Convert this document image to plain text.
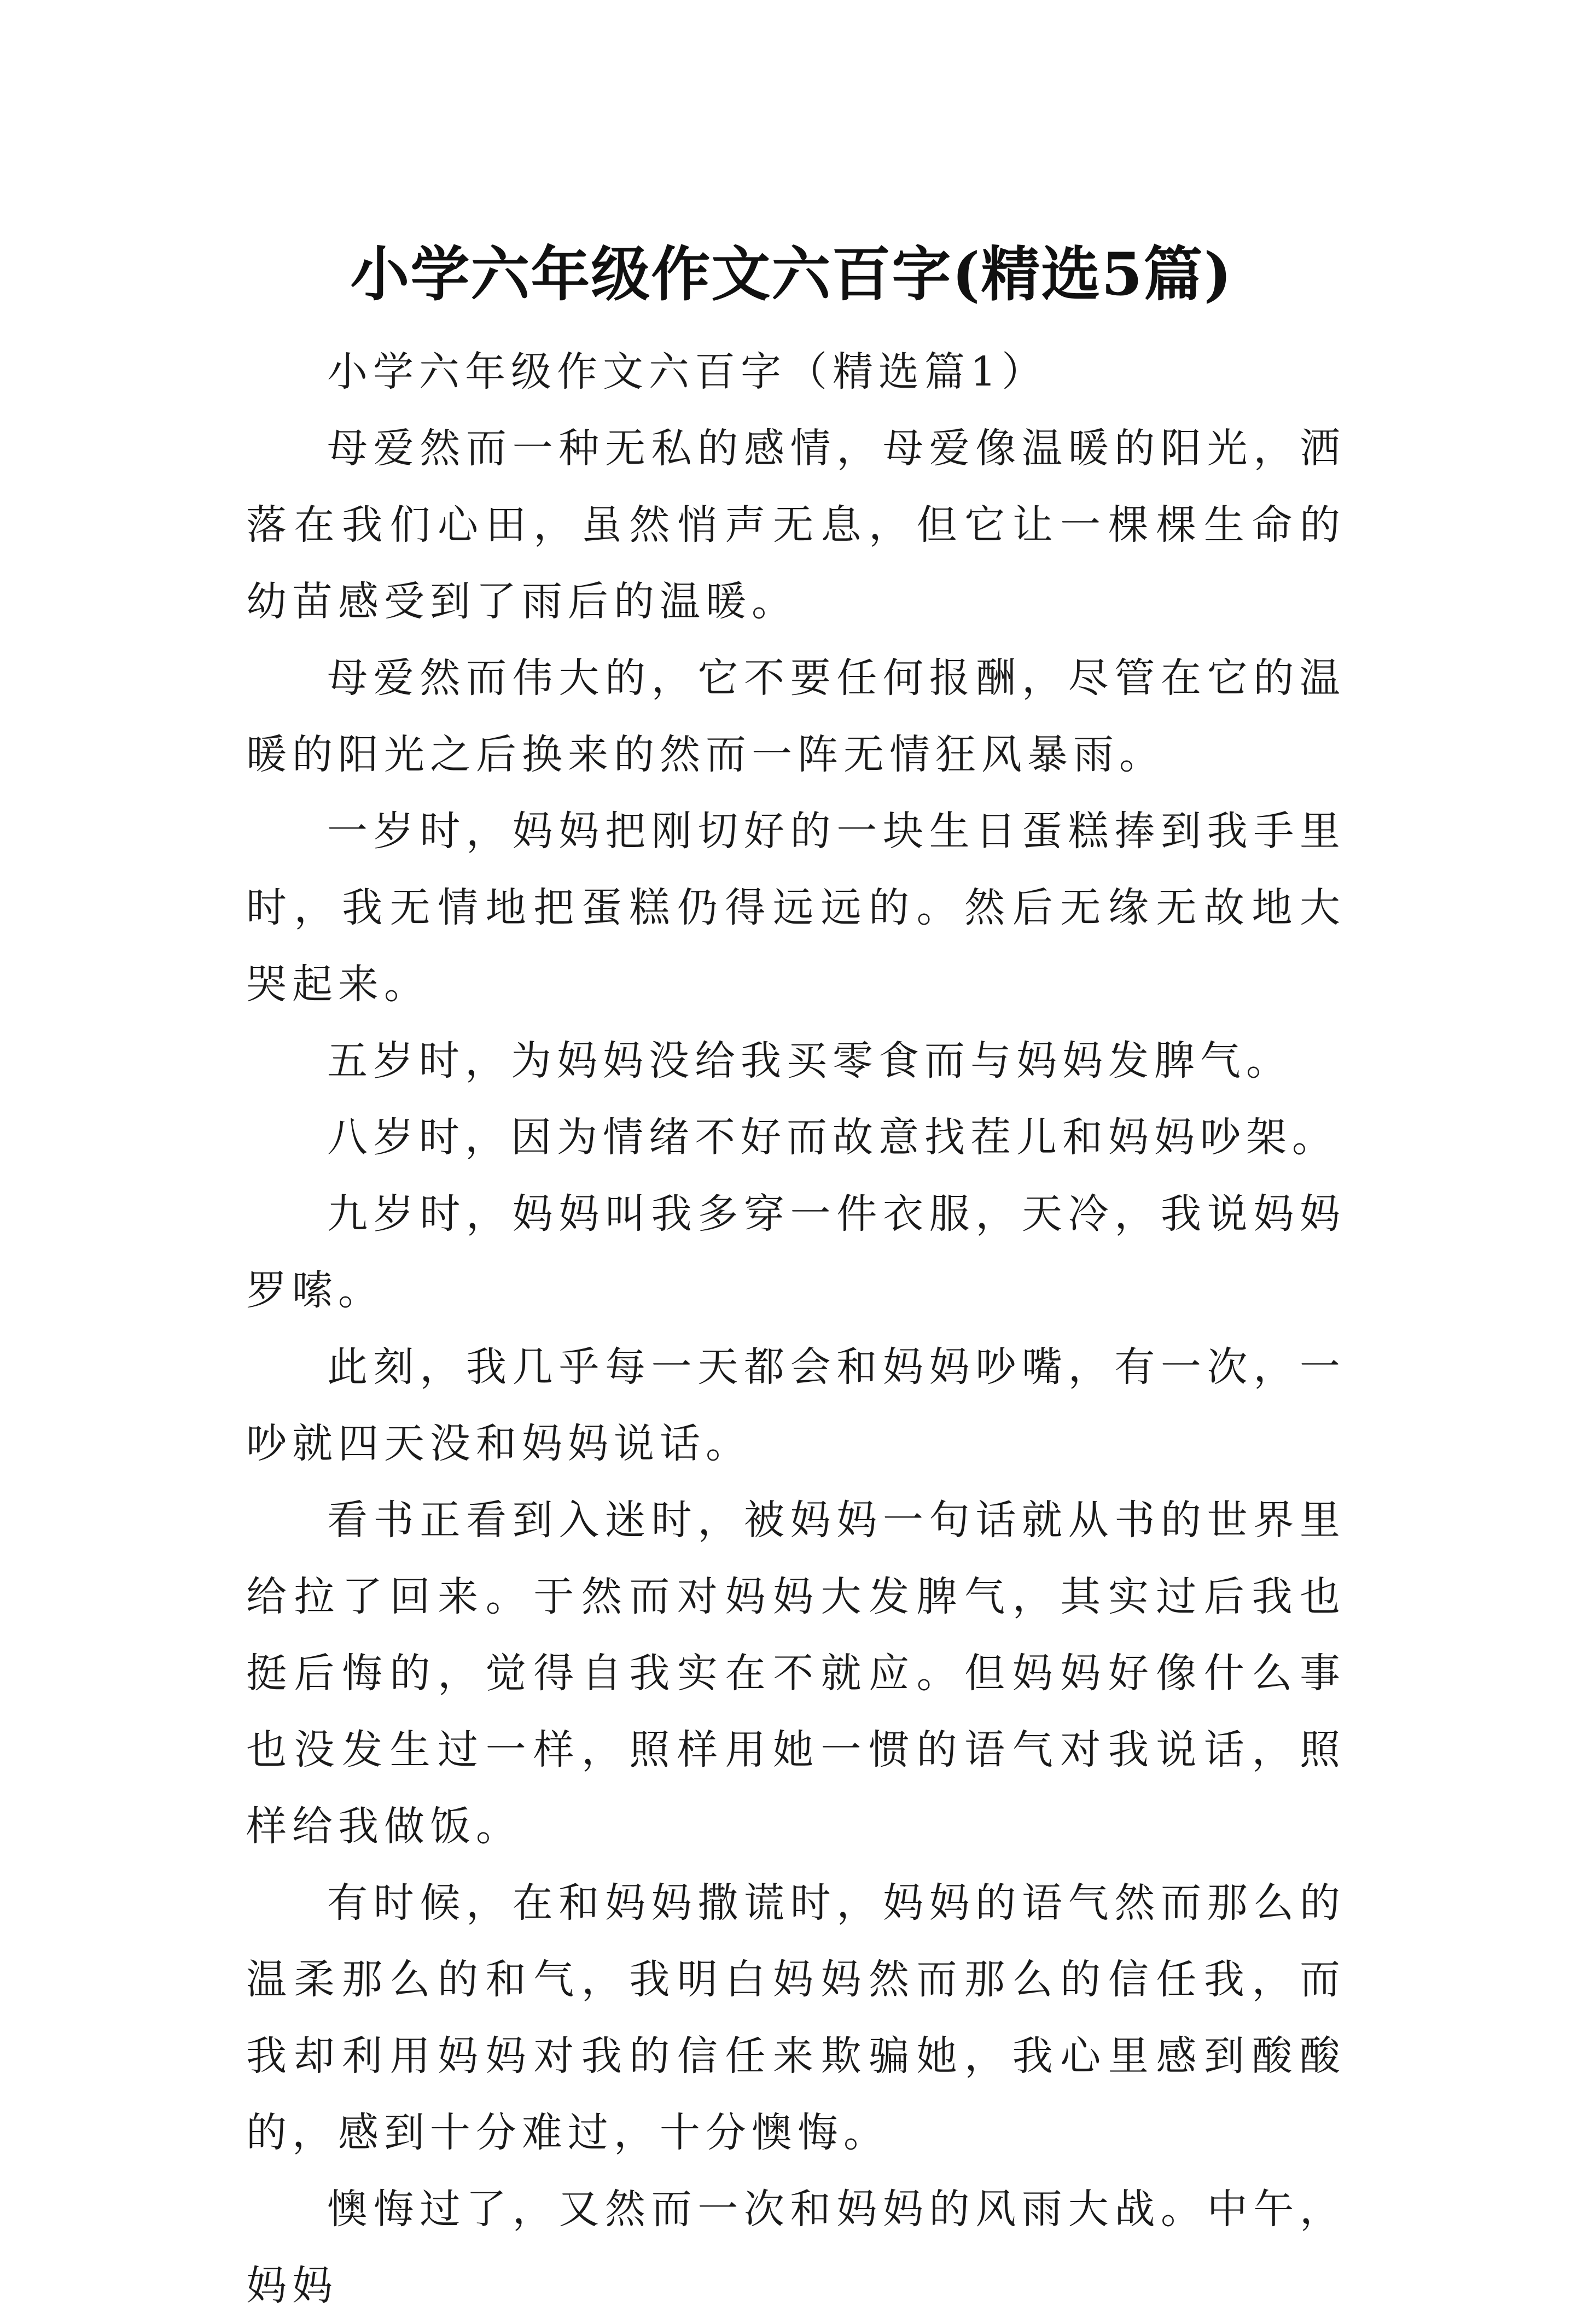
小学六年级作文六百字(精选5篇)

小学六年级作文六百字（精选篇1）

母爱然而一种无私的感情，母爱像温暖的阳光，洒落在我们心田，虽然悄声无息，但它让一棵棵生命的幼苗感受到了雨后的温暖。

母爱然而伟大的，它不要任何报酬，尽管在它的温暖的阳光之后换来的然而一阵无情狂风暴雨。

一岁时，妈妈把刚切好的一块生日蛋糕捧到我手里时，我无情地把蛋糕仍得远远的。然后无缘无故地大哭起来。

五岁时，为妈妈没给我买零食而与妈妈发脾气。

八岁时，因为情绪不好而故意找茬儿和妈妈吵架。

九岁时，妈妈叫我多穿一件衣服，天冷，我说妈妈罗嗦。

此刻，我几乎每一天都会和妈妈吵嘴，有一次，一吵就四天没和妈妈说话。

看书正看到入迷时，被妈妈一句话就从书的世界里给拉了回来。于然而对妈妈大发脾气，其实过后我也挺后悔的，觉得自我实在不就应。但妈妈好像什么事也没发生过一样，照样用她一惯的语气对我说话，照样给我做饭。

有时候，在和妈妈撒谎时，妈妈的语气然而那么的温柔那么的和气，我明白妈妈然而那么的信任我，而我却利用妈妈对我的信任来欺骗她，我心里感到酸酸的，感到十分难过，十分懊悔。

懊悔过了，又然而一次和妈妈的风雨大战。中午，妈妈
